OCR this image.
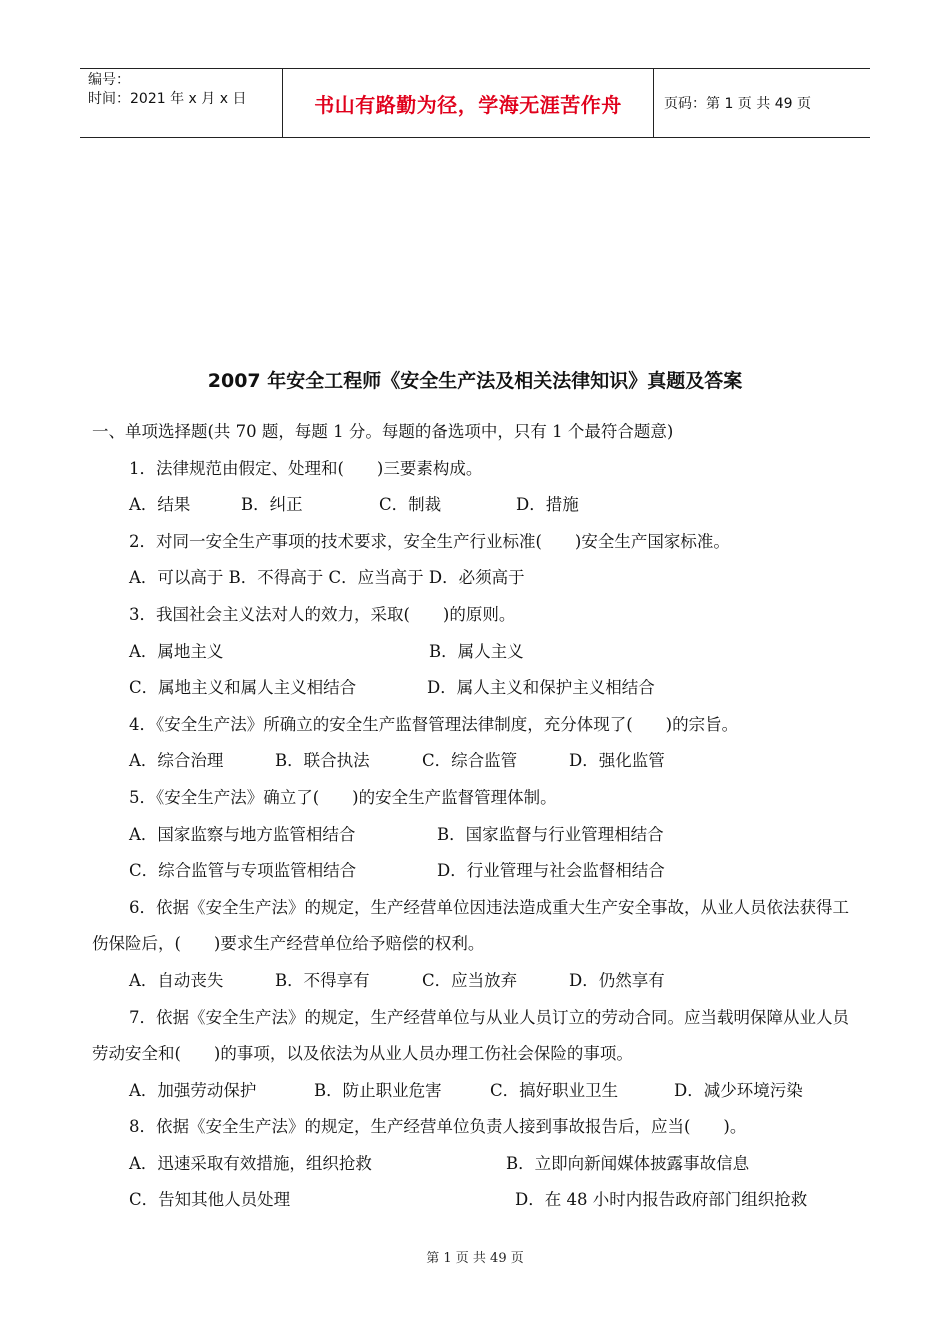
编号：
时间：2021 年 x 月 x 日	书山有路勤为径，学海无涯苦作舟	页码：第 1 页 共 49 页
2007 年安全工程师《安全生产法及相关法律知识》真题及答案
一、单项选择题(共 70 题，每题 1 分。每题的备选项中，只有 1 个最符合题意)
1．法律规范由假定、处理和(　　)三要素构成。
A．结果	B．纠正	C．制裁	D．措施
2．对同一安全生产事项的技术要求，安全生产行业标准(　　)安全生产国家标准。
A．可以高于 B．不得高于 C．应当高于 D．必须高于
3．我国社会主义法对人的效力，采取(　　)的原则。
A．属地主义	B．属人主义
C．属地主义和属人主义相结合	D．属人主义和保护主义相结合
4．《安全生产法》所确立的安全生产监督管理法律制度，充分体现了(　　)的宗旨。
A．综合治理	B．联合执法	C．综合监管	D．强化监管
5．《安全生产法》确立了(　　)的安全生产监督管理体制。
A．国家监察与地方监管相结合	B．国家监督与行业管理相结合
C．综合监管与专项监管相结合	D．行业管理与社会监督相结合
6．依据《安全生产法》的规定，生产经营单位因违法造成重大生产安全事故，从业人员依法获得工伤保险后，(　　)要求生产经营单位给予赔偿的权利。
A．自动丧失	B．不得享有	C．应当放弃	D．仍然享有
7．依据《安全生产法》的规定，生产经营单位与从业人员订立的劳动合同。应当载明保障从业人员劳动安全和(　　)的事项，以及依法为从业人员办理工伤社会保险的事项。
A．加强劳动保护	B．防止职业危害	C．搞好职业卫生	D．减少环境污染
8．依据《安全生产法》的规定，生产经营单位负责人接到事故报告后，应当(　　)。
A．迅速采取有效措施，组织抢救	B．立即向新闻媒体披露事故信息
C．告知其他人员处理	D．在 48 小时内报告政府部门组织抢救
第 1 页 共 49 页
